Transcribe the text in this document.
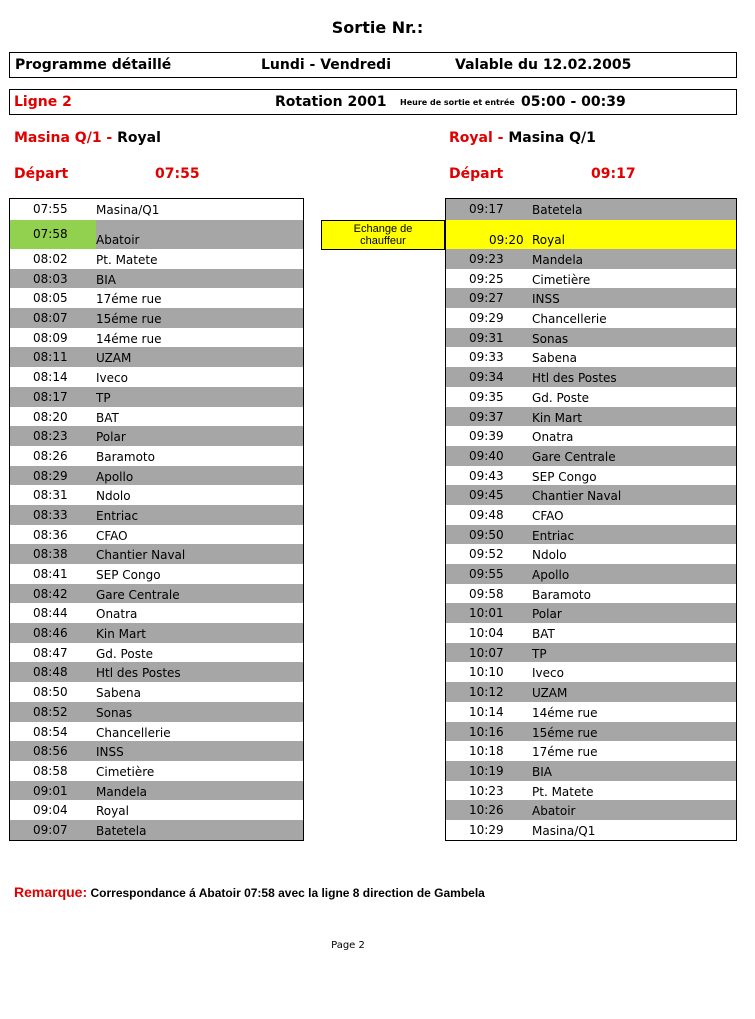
Sortie Nr.:
Programme détaillé	Lundi - Vendredi	Valable du 12.02.2005
Ligne 2	Rotation 2001 Heure de sortie et entrée 05:00 - 00:39
Masina Q/1 - Royal
Départ	07:55
Royal - Masina Q/1
Départ	09:17
07:55 Masina/Q1
07:58	Abatoir
08:02 Pt. Matete
08:03 BIA
08:05 17éme rue
08:07 15éme rue
08:09 14éme rue
08:11 UZAM
08:14 Iveco
08:17 TP
08:20 BAT
08:23 Polar
08:26 Baramoto
08:29 Apollo
08:31 Ndolo
08:33 Entriac
08:36 CFAO
08:38 Chantier Naval
08:41 SEP Congo
08:42 Gare Centrale
08:44 Onatra
08:46 Kin Mart
08:47 Gd. Poste
08:48 Htl des Postes
08:50 Sabena
08:52 Sonas
08:54 Chancellerie
08:56 INSS
08:58 Cimetière
09:01 Mandela
09:04 Royal
09:07 Batetela
Echange de
chauffeur
09:17 Batetela
09:20 Royal
09:23 Mandela
09:25 Cimetière
09:27 INSS
09:29 Chancellerie
09:31 Sonas
09:33 Sabena
09:34 Htl des Postes
09:35 Gd. Poste
09:37 Kin Mart
09:39 Onatra
09:40 Gare Centrale
09:43 SEP Congo
09:45 Chantier Naval
09:48 CFAO
09:50 Entriac
09:52 Ndolo
09:55 Apollo
09:58 Baramoto
10:01 Polar
10:04 BAT
10:07 TP
10:10 Iveco
10:12 UZAM
10:14 14éme rue
10:16 15éme rue
10:18 17éme rue
10:19 BIA
10:23 Pt. Matete
10:26 Abatoir
10:29 Masina/Q1
Remarque: Correspondance á Abatoir 07:58 avec la ligne 8 direction de Gambela
Page 2
